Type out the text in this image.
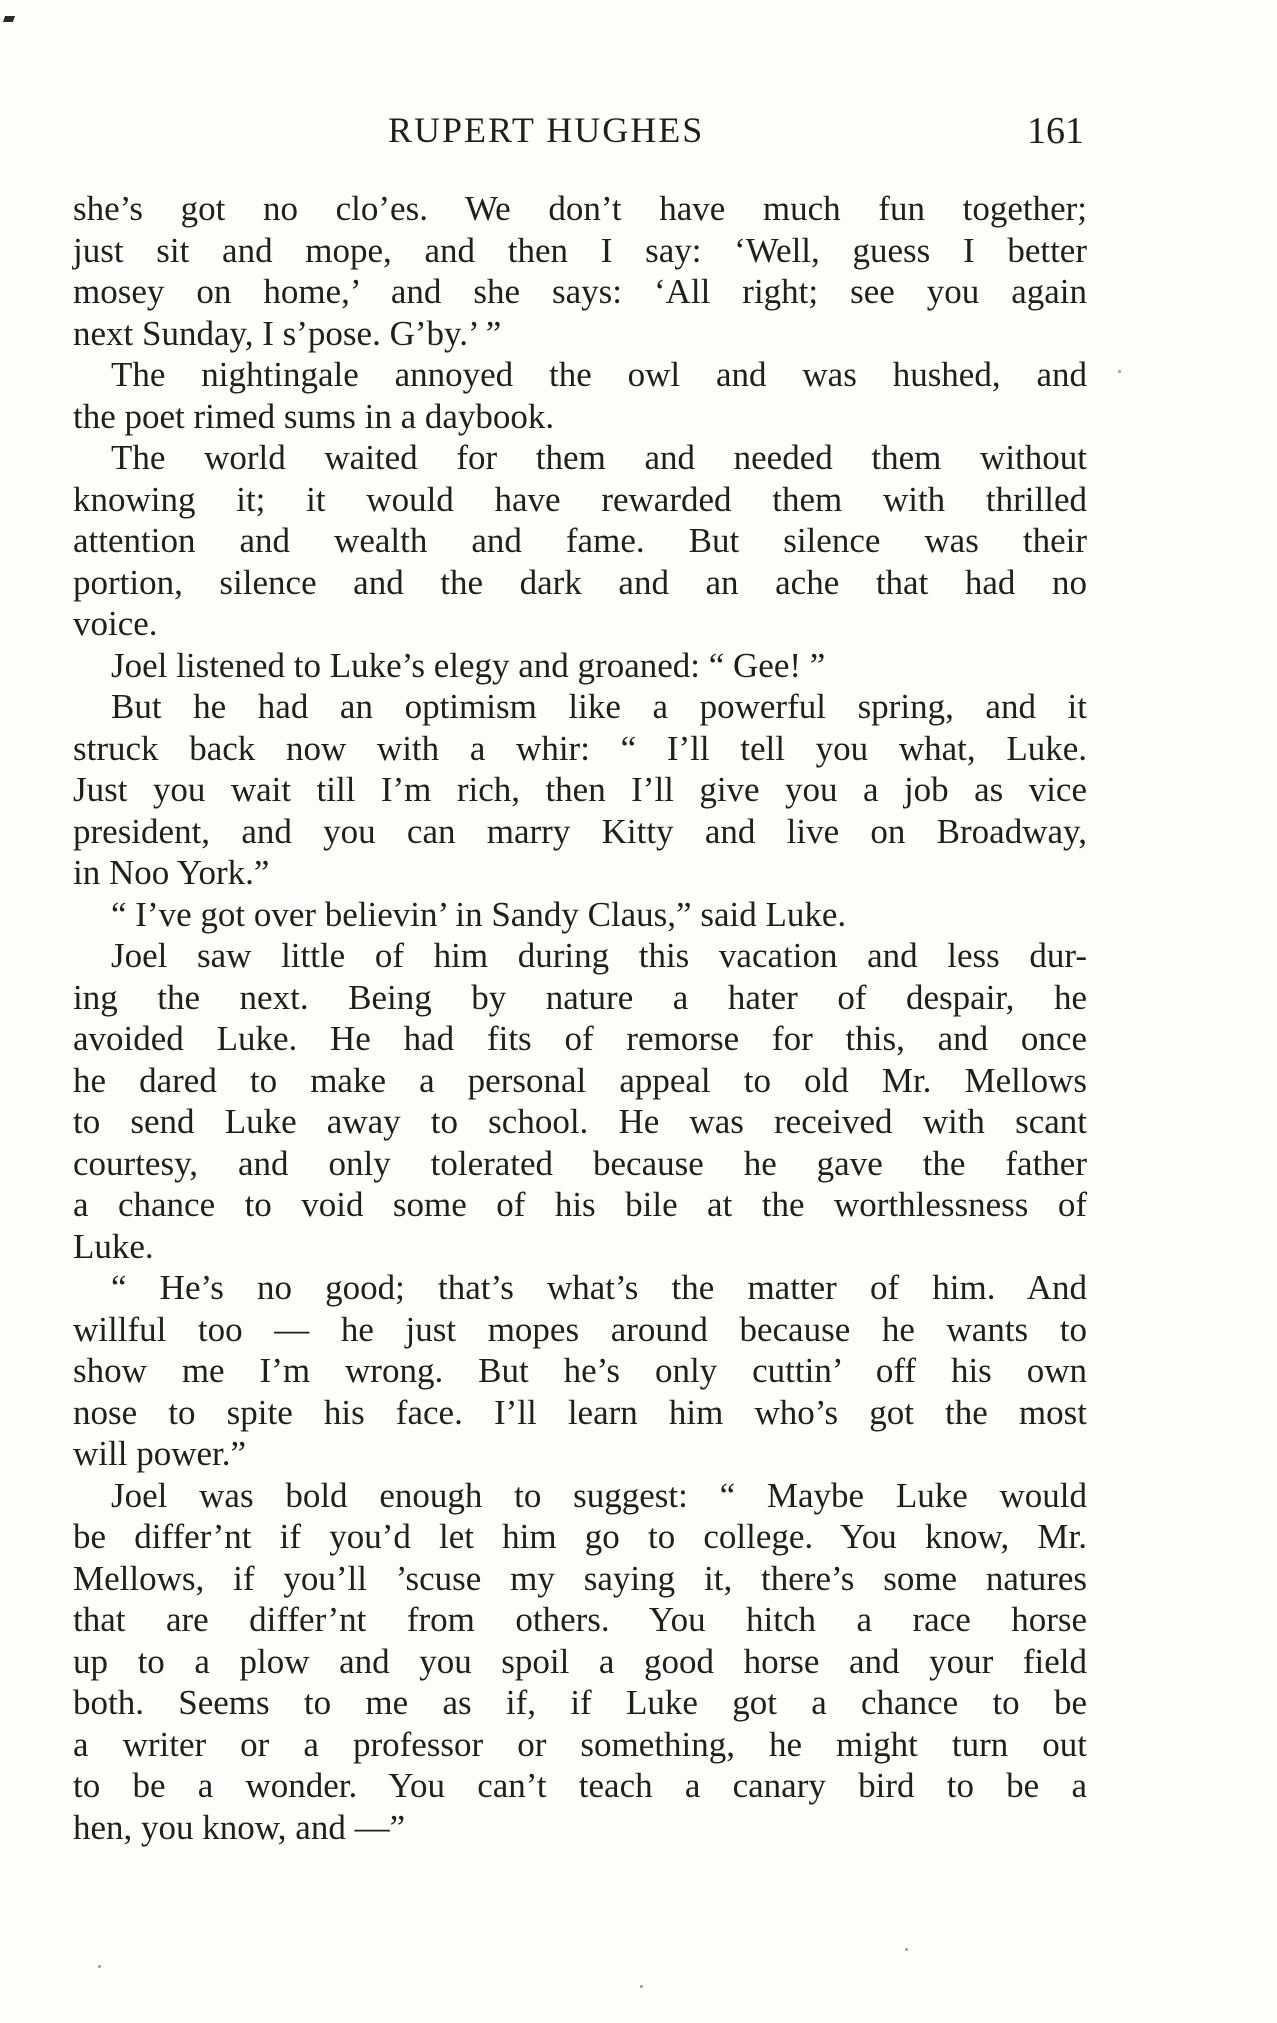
RUPERT HUGHES	161
she’s got no clo’es. We don’t have much fun together;
just sit and mope, and then I say: ‘Well, guess I better
mosey on home,’ and she says: ‘All right; see you again
next Sunday, I s’pose. G’by.’ ”
The nightingale annoyed the owl and was hushed, and
the poet rimed sums in a daybook.
The world waited for them and needed them without
knowing it; it would have rewarded them with thrilled
attention and wealth and fame. But silence was their
portion, silence and the dark and an ache that had no
voice.
Joel listened to Luke’s elegy and groaned: “ Gee! ”
But he had an optimism like a powerful spring, and it
struck back now with a whir: “ I’ll tell you what, Luke.
Just you wait till I’m rich, then I’ll give you a job as vice
president, and you can marry Kitty and live on Broadway,
in Noo York.”
“ I’ve got over believin’ in Sandy Claus,” said Luke.
Joel saw little of him during this vacation and less dur-
ing the next. Being by nature a hater of despair, he
avoided Luke. He had fits of remorse for this, and once
he dared to make a personal appeal to old Mr. Mellows
to send Luke away to school. He was received with scant
courtesy, and only tolerated because he gave the father
a chance to void some of his bile at the worthlessness of
Luke.
“ He’s no good; that’s what’s the matter of him. And
willful too — he just mopes around because he wants to
show me I’m wrong. But he’s only cuttin’ off his own
nose to spite his face. I’ll learn him who’s got the most
will power.”
Joel was bold enough to suggest: “ Maybe Luke would
be differ’nt if you’d let him go to college. You know, Mr.
Mellows, if you’ll ’scuse my saying it, there’s some natures
that are differ’nt from others. You hitch a race horse
up to a plow and you spoil a good horse and your field
both. Seems to me as if, if Luke got a chance to be
a writer or a professor or something, he might turn out
to be a wonder. You can’t teach a canary bird to be a
hen, you know, and —”
